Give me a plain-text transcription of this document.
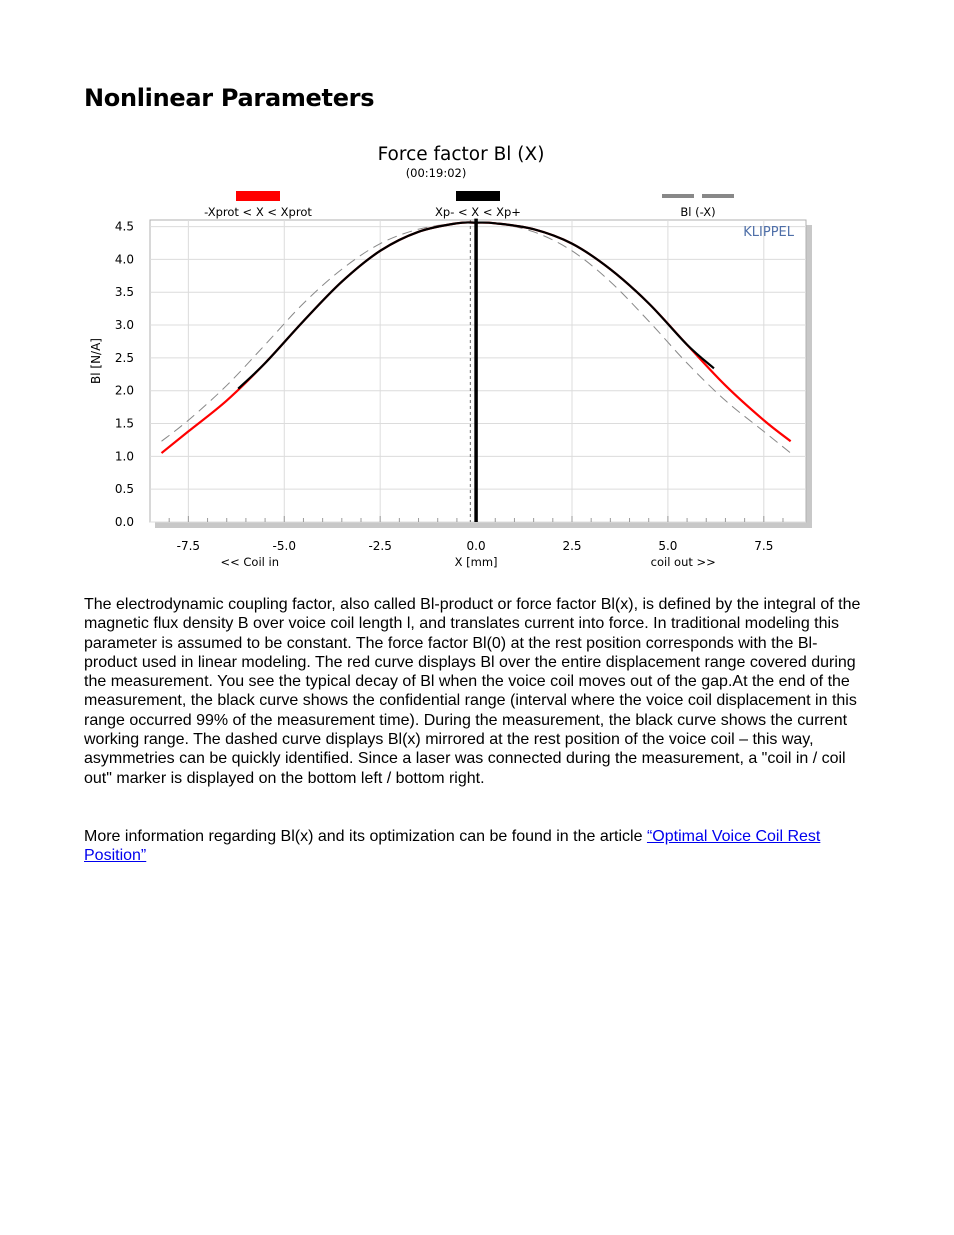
Nonlinear Parameters
-7.5	-5.0	-2.5	0.0	2.5	5.0	7.5
0.0
0.5
1.0
1.5
2.0
2.5
3.0
3.5
4.0
4.5
X [mm]
<< Coil in	coil out >>
Bl [N/A]
Force factor Bl (X)
(00:19:02)
KLIPPEL
-Xprot < X < Xprot	Xp- < X < Xp+	Bl (-X)

The electrodynamic coupling factor, also called Bl-product or force factor Bl(x), is defined by the integral of the magnetic flux density B over voice coil length l, and translates current into force. In traditional modeling this parameter is assumed to be constant. The force factor Bl(0) at the rest position corresponds with the Bl-product used in linear modeling. The red curve displays Bl over the entire displacement range covered during the measurement. You see the typical decay of Bl when the voice coil moves out of the gap.At the end of the measurement, the black curve shows the confidential range (interval where the voice coil displacement in this range occurred 99% of the measurement time). During the measurement, the black curve shows the current working range. The dashed curve displays Bl(x) mirrored at the rest position of the voice coil – this way, asymmetries can be quickly identified. Since a laser was connected during the measurement, a "coil in / coil out" marker is displayed on the bottom left / bottom right.

More information regarding Bl(x) and its optimization can be found in the article “Optimal Voice Coil Rest Position”
